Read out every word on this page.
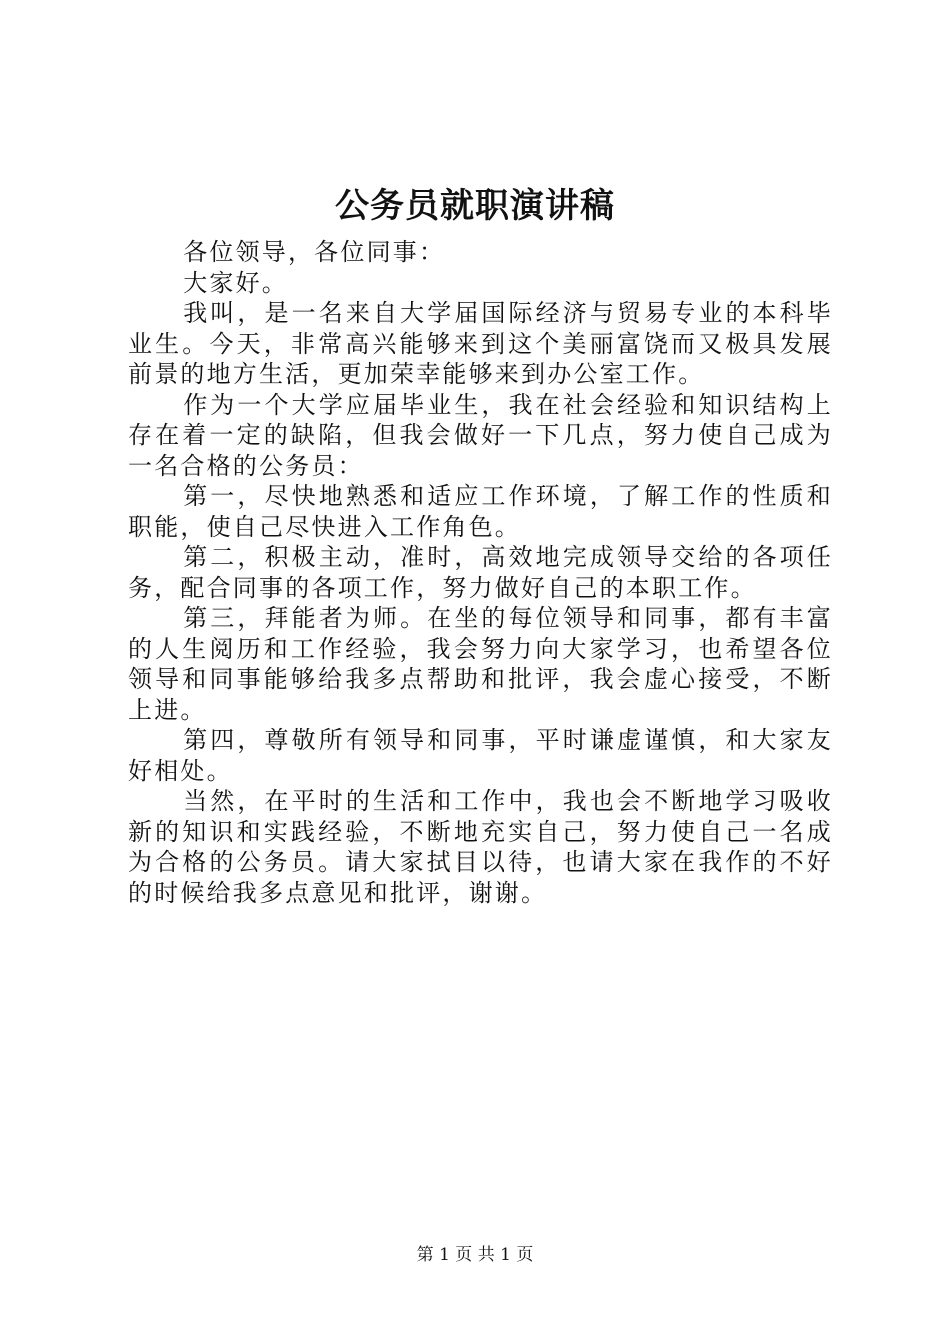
公务员就职演讲稿

各位领导，各位同事：

大家好。

我叫，是一名来自大学届国际经济与贸易专业的本科毕业生。今天，非常高兴能够来到这个美丽富饶而又极具发展前景的地方生活，更加荣幸能够来到办公室工作。

作为一个大学应届毕业生，我在社会经验和知识结构上存在着一定的缺陷，但我会做好一下几点，努力使自己成为一名合格的公务员：

第一，尽快地熟悉和适应工作环境，了解工作的性质和职能，使自己尽快进入工作角色。

第二，积极主动，准时，高效地完成领导交给的各项任务，配合同事的各项工作，努力做好自己的本职工作。

第三，拜能者为师。在坐的每位领导和同事，都有丰富的人生阅历和工作经验，我会努力向大家学习，也希望各位领导和同事能够给我多点帮助和批评，我会虚心接受，不断上进。

第四，尊敬所有领导和同事，平时谦虚谨慎，和大家友好相处。

当然，在平时的生活和工作中，我也会不断地学习吸收新的知识和实践经验，不断地充实自己，努力使自己一名成为合格的公务员。请大家拭目以待，也请大家在我作的不好的时候给我多点意见和批评，谢谢。

第 1 页 共 1 页
